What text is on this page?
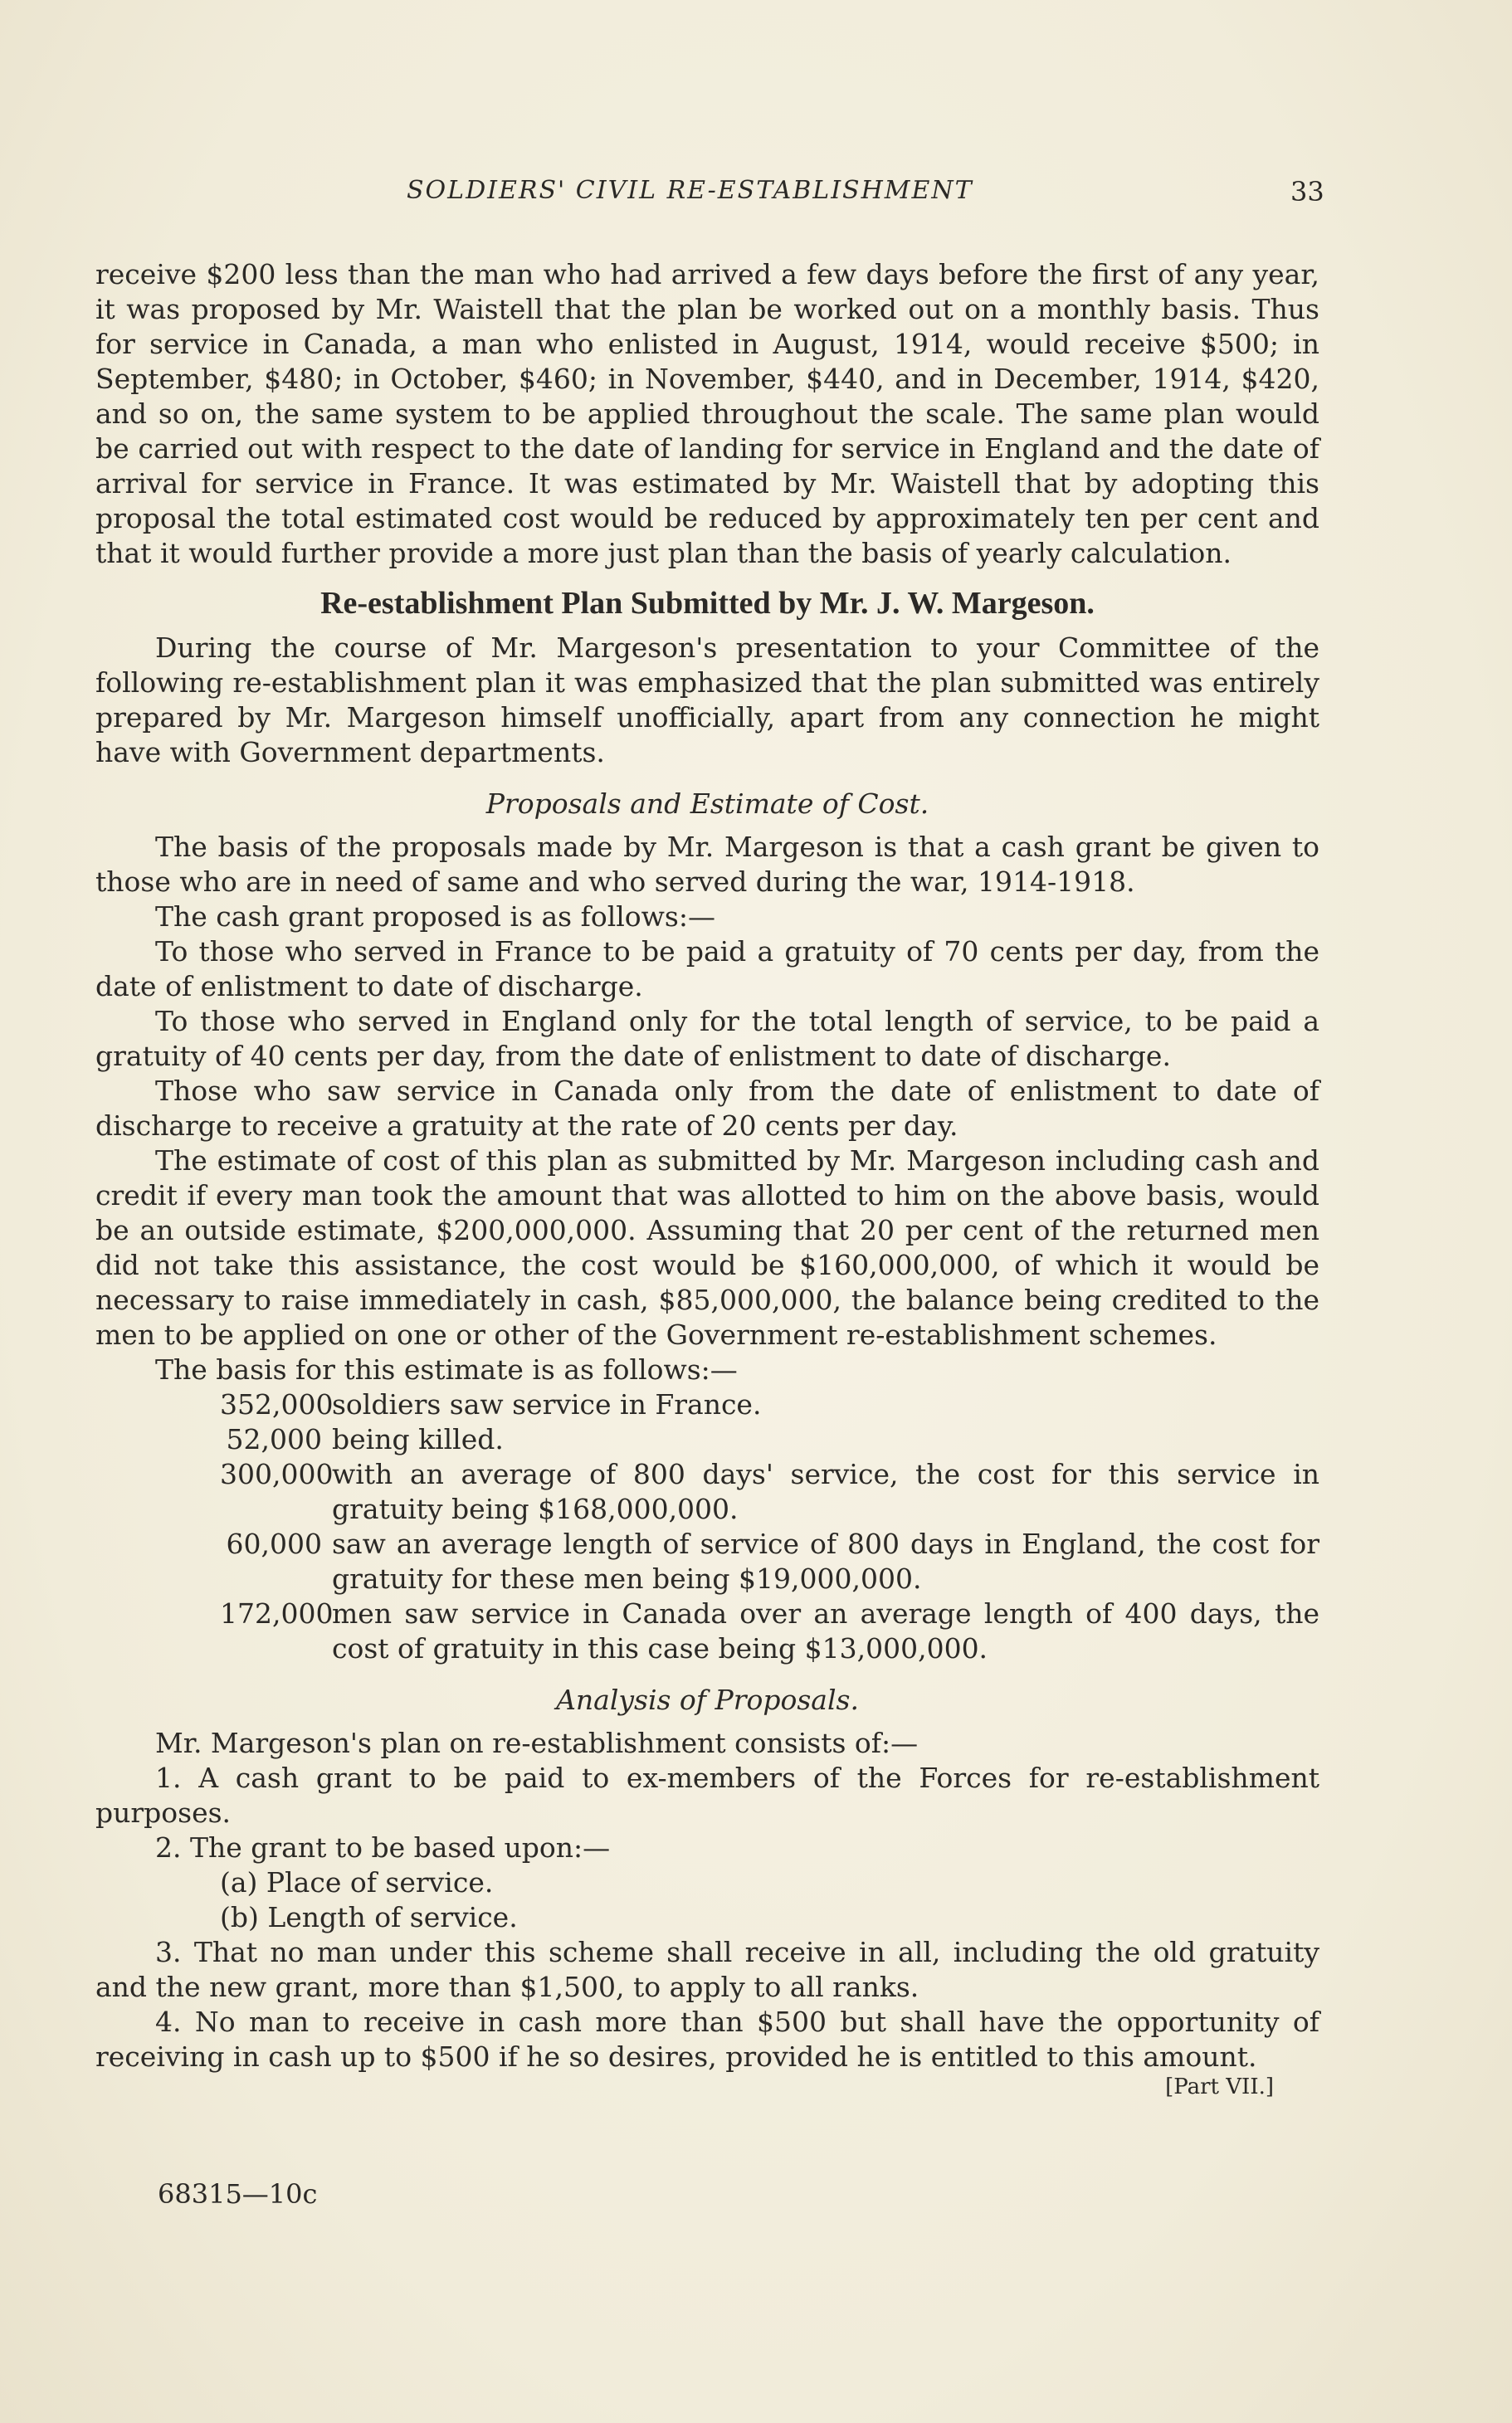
SOLDIERS' CIVIL RE-ESTABLISHMENT	33

receive $200 less than the man who had arrived a few days before the first of any year, it was proposed by Mr. Waistell that the plan be worked out on a monthly basis. Thus for service in Canada, a man who enlisted in August, 1914, would receive $500; in September, $480; in October, $460; in November, $440, and in December, 1914, $420, and so on, the same system to be applied throughout the scale. The same plan would be carried out with respect to the date of landing for service in England and the date of arrival for service in France. It was estimated by Mr. Waistell that by adopting this proposal the total estimated cost would be reduced by approximately ten per cent and that it would further provide a more just plan than the basis of yearly calculation.

Re-establishment Plan Submitted by Mr. J. W. Margeson.

During the course of Mr. Margeson's presentation to your Committee of the following re-establishment plan it was emphasized that the plan submitted was entirely prepared by Mr. Margeson himself unofficially, apart from any connection he might have with Government departments.

Proposals and Estimate of Cost.

The basis of the proposals made by Mr. Margeson is that a cash grant be given to those who are in need of same and who served during the war, 1914-1918.

The cash grant proposed is as follows:—

To those who served in France to be paid a gratuity of 70 cents per day, from the date of enlistment to date of discharge.

To those who served in England only for the total length of service, to be paid a gratuity of 40 cents per day, from the date of enlistment to date of discharge.

Those who saw service in Canada only from the date of enlistment to date of discharge to receive a gratuity at the rate of 20 cents per day.

The estimate of cost of this plan as submitted by Mr. Margeson including cash and credit if every man took the amount that was allotted to him on the above basis, would be an outside estimate, $200,000,000. Assuming that 20 per cent of the returned men did not take this assistance, the cost would be $160,000,000, of which it would be necessary to raise immediately in cash, $85,000,000, the balance being credited to the men to be applied on one or other of the Government re-establishment schemes.

The basis for this estimate is as follows:—

352,000soldiers saw service in France.

52,000 being killed.

300,000with an average of 800 days' service, the cost for this service in gratuity being $168,000,000.

60,000 saw an average length of service of 800 days in England, the cost for gratuity for these men being $19,000,000.

172,000men saw service in Canada over an average length of 400 days, the cost of gratuity in this case being $13,000,000.

Analysis of Proposals.

Mr. Margeson's plan on re-establishment consists of:—

1. A cash grant to be paid to ex-members of the Forces for re-establishment purposes.

2. The grant to be based upon:—

(a) Place of service.

(b) Length of service.

3. That no man under this scheme shall receive in all, including the old gratuity and the new grant, more than $1,500, to apply to all ranks.

4. No man to receive in cash more than $500 but shall have the opportunity of receiving in cash up to $500 if he so desires, provided he is entitled to this amount.

[Part VII.]
68315—10c
